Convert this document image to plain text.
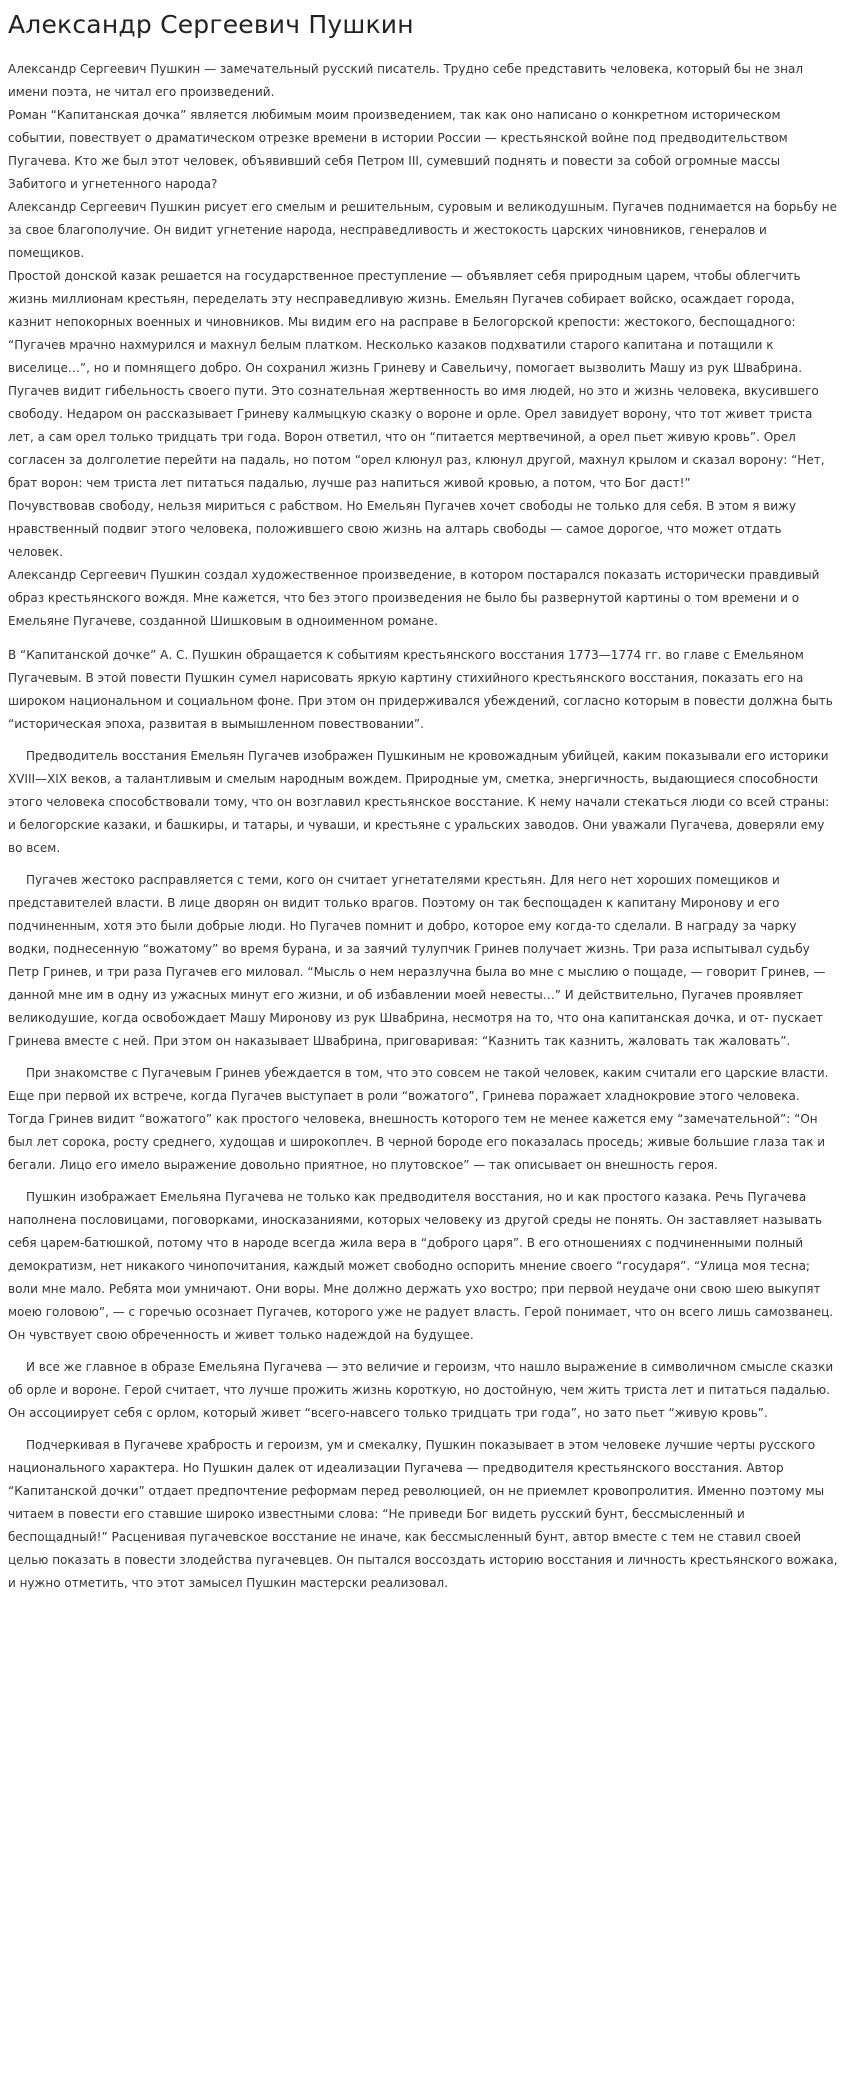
Александр Сергеевич Пушкин

Александр Сергеевич Пушкин — замечательный русский писатель. Трудно себе представить человека, который бы не знал имени поэта, не читал его произведений.

Роман “Капитанская дочка” является любимым моим произведением, так как оно написано о конкретном историческом событии, повествует о драматическом отрезке времени в истории России — крестьянской войне под предводительством Пугачева. Кто же был этот человек, объявивший себя Петром III, сумевший поднять и повести за собой огромные массы Забитого и угнетенного народа?

Александр Сергеевич Пушкин рисует его смелым и решительным, суровым и великодушным. Пугачев поднимается на борьбу не за свое благополучие. Он видит угнетение народа, несправедливость и жестокость царских чиновников, генералов и помещиков.

Простой донской казак решается на государственное преступление — объявляет себя природным царем, чтобы облегчить жизнь миллионам крестьян, переделать эту несправедливую жизнь. Емельян Пугачев собирает войско, осаждает города, казнит непокорных военных и чиновников. Мы видим его на расправе в Белогорской крепости: жестокого, беспощадного: “Пугачев мрачно нахмурился и махнул белым платком. Несколько казаков подхватили старого капитана и потащили к виселице…”, но и помнящего добро. Он сохранил жизнь Гриневу и Савельичу, помогает вызволить Машу из рук Швабрина.

Пугачев видит гибельность своего пути. Это сознательная жертвенность во имя людей, но это и жизнь человека, вкусившего свободу. Недаром он рассказывает Гриневу калмыцкую сказку о вороне и орле. Орел завидует ворону, что тот живет триста лет, а сам орел только тридцать три года. Ворон ответил, что он “питается мертвечиной, а орел пьет живую кровь”. Орел согласен за долголетие перейти на падаль, но потом “орел клюнул раз, клюнул другой, махнул крылом и сказал ворону: “Нет, брат ворон: чем триста лет питаться падалью, лучше раз напиться живой кровью, а потом, что Бог даст!”

Почувствовав свободу, нельзя мириться с рабством. Но Емельян Пугачев хочет свободы не только для себя. В этом я вижу нравственный подвиг этого человека, положившего свою жизнь на алтарь свободы — самое дорогое, что может отдать человек.

Александр Сергеевич Пушкин создал художественное произведение, в котором постарался показать исторически правдивый образ крестьянского вождя. Мне кажется, что без этого произведения не было бы развернутой картины о том времени и о Емельяне Пугачеве, созданной Шишковым в одноименном романе.

В “Капитанской дочке” А. С. Пушкин обращается к событиям крестьянского восстания 1773—1774 гг. во главе с Емельяном Пугачевым. В этой повести Пушкин сумел нарисовать яркую картину стихийного крестьянского восстания, показать его на широком национальном и социальном фоне. При этом он придерживался убеждений, согласно которым в повести должна быть “историческая эпоха, развитая в вымышленном повествовании”.

Предводитель восстания Емельян Пугачев изображен Пушкиным не кровожадным убийцей, каким показывали его историки XVIII—XIX веков, а талантливым и смелым народным вождем. Природные ум, сметка, энергичность, выдающиеся способности этого человека способствовали тому, что он возглавил крестьянское восстание. К нему начали стекаться люди со всей страны: и белогорские казаки, и башкиры, и татары, и чуваши, и крестьяне с уральских заводов. Они уважали Пугачева, доверяли ему во всем.

Пугачев жестоко расправляется с теми, кого он считает угнетателями крестьян. Для него нет хороших помещиков и представителей власти. В лице дворян он видит только врагов. Поэтому он так беспощаден к капитану Миронову и его подчиненным, хотя это были добрые люди. Но Пугачев помнит и добро, которое ему когда-то сделали. В награду за чарку водки, поднесенную “вожатому” во время бурана, и за заячий тулупчик Гринев получает жизнь. Три раза испытывал судьбу Петр Гринев, и три раза Пугачев его миловал. “Мысль о нем неразлучна была во мне с мыслию о пощаде, — говорит Гринев, — данной мне им в одну из ужасных минут его жизни, и об избавлении моей невесты…” И действительно, Пугачев проявляет великодушие, когда освобождает Машу Миронову из рук Швабрина, несмотря на то, что она капитанская дочка, и от- пускает Гринева вместе с ней. При этом он наказывает Швабрина, приговаривая: “Казнить так казнить, жаловать так жаловать”.

При знакомстве с Пугачевым Гринев убеждается в том, что это совсем не такой человек, каким считали его царские власти. Еще при первой их встрече, когда Пугачев выступает в роли “вожатого”, Гринева поражает хладнокровие этого человека. Тогда Гринев видит “вожатого” как простого человека, внешность которого тем не менее кажется ему “замечательной”: “Он был лет сорока, росту среднего, худощав и широкоплеч. В черной бороде его показалась проседь; живые большие глаза так и бегали. Лицо его имело выражение довольно приятное, но плутовское” — так описывает он внешность героя.

Пушкин изображает Емельяна Пугачева не только как предводителя восстания, но и как простого казака. Речь Пугачева наполнена пословицами, поговорками, иносказаниями, которых человеку из другой среды не понять. Он заставляет называть себя царем-батюшкой, потому что в народе всегда жила вера в “доброго царя”. В его отношениях с подчиненными полный демократизм, нет никакого чинопочитания, каждый может свободно оспорить мнение своего “государя”. “Улица моя тесна; воли мне мало. Ребята мои умничают. Они воры. Мне должно держать ухо востро; при первой неудаче они свою шею выкупят моею головою”, — с горечью осознает Пугачев, которого уже не радует власть. Герой понимает, что он всего лишь самозванец. Он чувствует свою обреченность и живет только надеждой на будущее.

И все же главное в образе Емельяна Пугачева — это величие и героизм, что нашло выражение в символичном смысле сказки об орле и вороне. Герой считает, что лучше прожить жизнь короткую, но достойную, чем жить триста лет и питаться падалью. Он ассоциирует себя с орлом, который живет “всего-навсего только тридцать три года”, но зато пьет “живую кровь”.

Подчеркивая в Пугачеве храбрость и героизм, ум и смекалку, Пушкин показывает в этом человеке лучшие черты русского национального характера. Но Пушкин далек от идеализации Пугачева — предводителя крестьянского восстания. Автор “Капитанской дочки” отдает предпочтение реформам перед революцией, он не приемлет кровопролития. Именно поэтому мы читаем в повести его ставшие широко известными слова: “Не приведи Бог видеть русский бунт, бессмысленный и беспощадный!” Расценивая пугачевское восстание не иначе, как бессмысленный бунт, автор вместе с тем не ставил своей целью показать в повести злодейства пугачевцев. Он пытался воссоздать историю восстания и личность крестьянского вожака, и нужно отметить, что этот замысел Пушкин мастерски реализовал.
